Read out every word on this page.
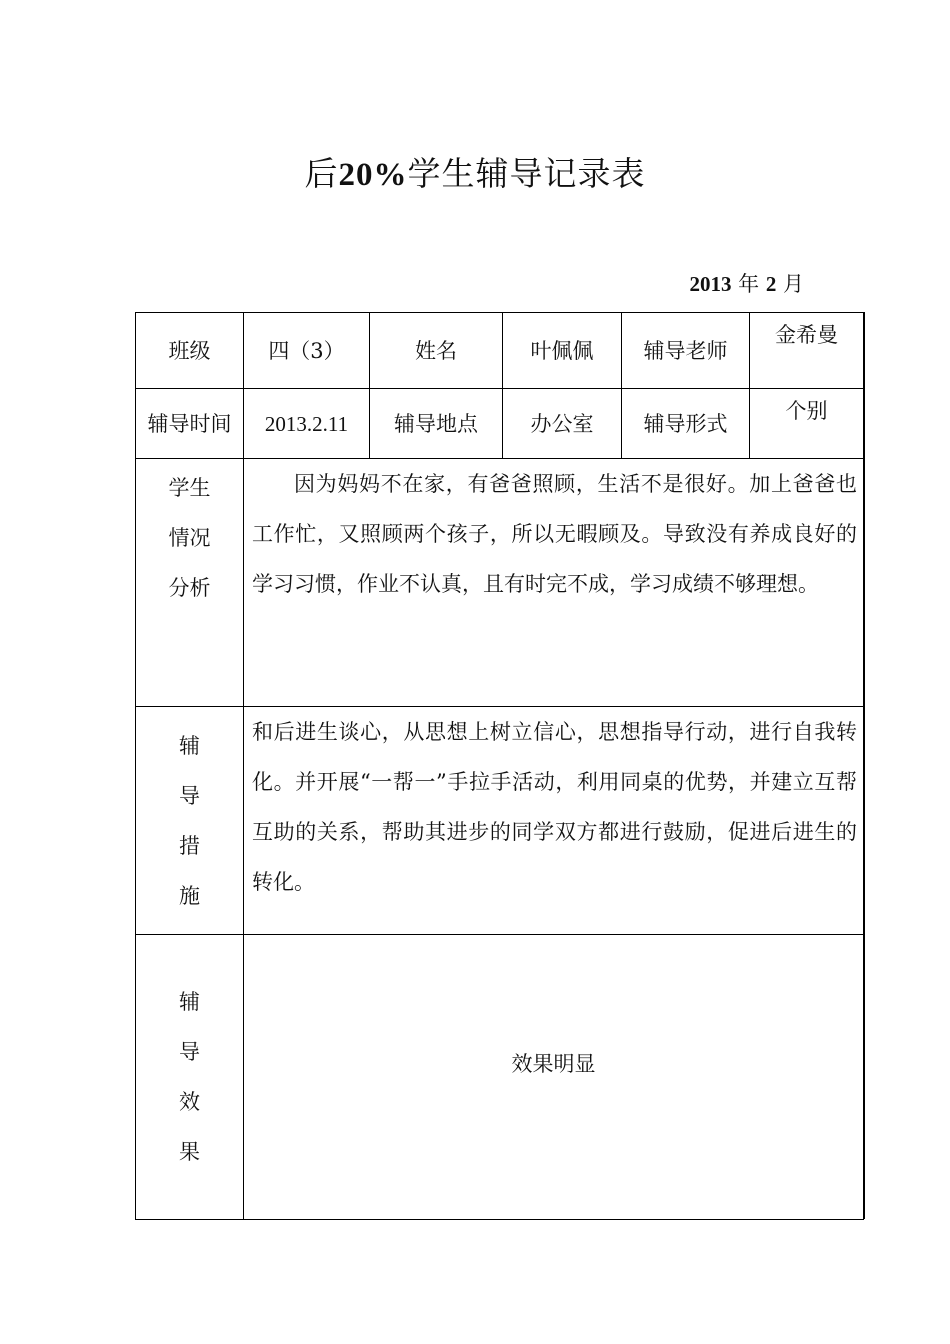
后20%学生辅导记录表
2013 年 2 月
班级	四（3）	姓名	叶佩佩	辅导老师	金希曼
辅导时间	2013.2.11	辅导地点	办公室	辅导形式	个别

学生
情况
分析	因为妈妈不在家，有爸爸照顾，生活不是很好。加上爸爸也工作忙，又照顾两个孩子，所以无暇顾及。导致没有养成良好的学习习惯，作业不认真，且有时完不成，学习成绩不够理想。				

辅
导
措
施	和后进生谈心，从思想上树立信心，思想指导行动，进行自我转化。并开展“一帮一”手拉手活动，利用同桌的优势，并建立互帮互助的关系，帮助其进步的同学双方都进行鼓励，促进后进生的转化。				

辅
导
效
果	效果明显				
